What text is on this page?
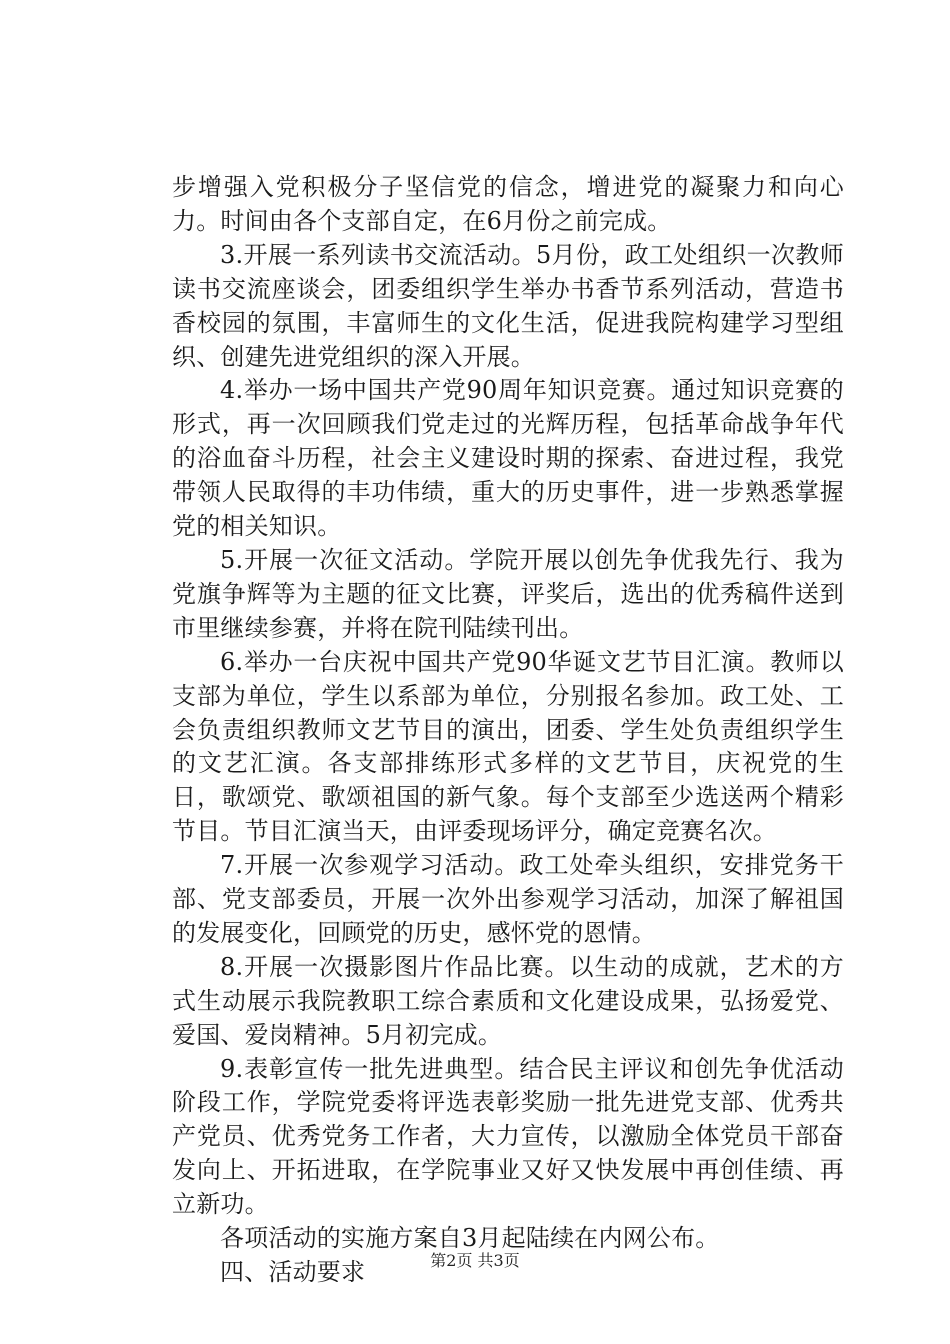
步增强入党积极分子坚信党的信念，增进党的凝聚力和向心力。时间由各个支部自定，在6月份之前完成。

3.开展一系列读书交流活动。5月份，政工处组织一次教师读书交流座谈会，团委组织学生举办书香节系列活动，营造书香校园的氛围，丰富师生的文化生活，促进我院构建学习型组织、创建先进党组织的深入开展。

4.举办一场中国共产党90周年知识竞赛。通过知识竞赛的形式，再一次回顾我们党走过的光辉历程，包括革命战争年代的浴血奋斗历程，社会主义建设时期的探索、奋进过程，我党带领人民取得的丰功伟绩，重大的历史事件，进一步熟悉掌握党的相关知识。

5.开展一次征文活动。学院开展以创先争优我先行、我为党旗争辉等为主题的征文比赛，评奖后，选出的优秀稿件送到市里继续参赛，并将在院刊陆续刊出。

6.举办一台庆祝中国共产党90华诞文艺节目汇演。教师以支部为单位，学生以系部为单位，分别报名参加。政工处、工会负责组织教师文艺节目的演出，团委、学生处负责组织学生的文艺汇演。各支部排练形式多样的文艺节目，庆祝党的生日，歌颂党、歌颂祖国的新气象。每个支部至少选送两个精彩节目。节目汇演当天，由评委现场评分，确定竞赛名次。

7.开展一次参观学习活动。政工处牵头组织，安排党务干部、党支部委员，开展一次外出参观学习活动，加深了解祖国的发展变化，回顾党的历史，感怀党的恩情。

8.开展一次摄影图片作品比赛。以生动的成就，艺术的方式生动展示我院教职工综合素质和文化建设成果，弘扬爱党、爱国、爱岗精神。5月初完成。

9.表彰宣传一批先进典型。结合民主评议和创先争优活动阶段工作，学院党委将评选表彰奖励一批先进党支部、优秀共产党员、优秀党务工作者，大力宣传，以激励全体党员干部奋发向上、开拓进取，在学院事业又好又快发展中再创佳绩、再立新功。

各项活动的实施方案自3月起陆续在内网公布。

四、活动要求	第2页 共3页
